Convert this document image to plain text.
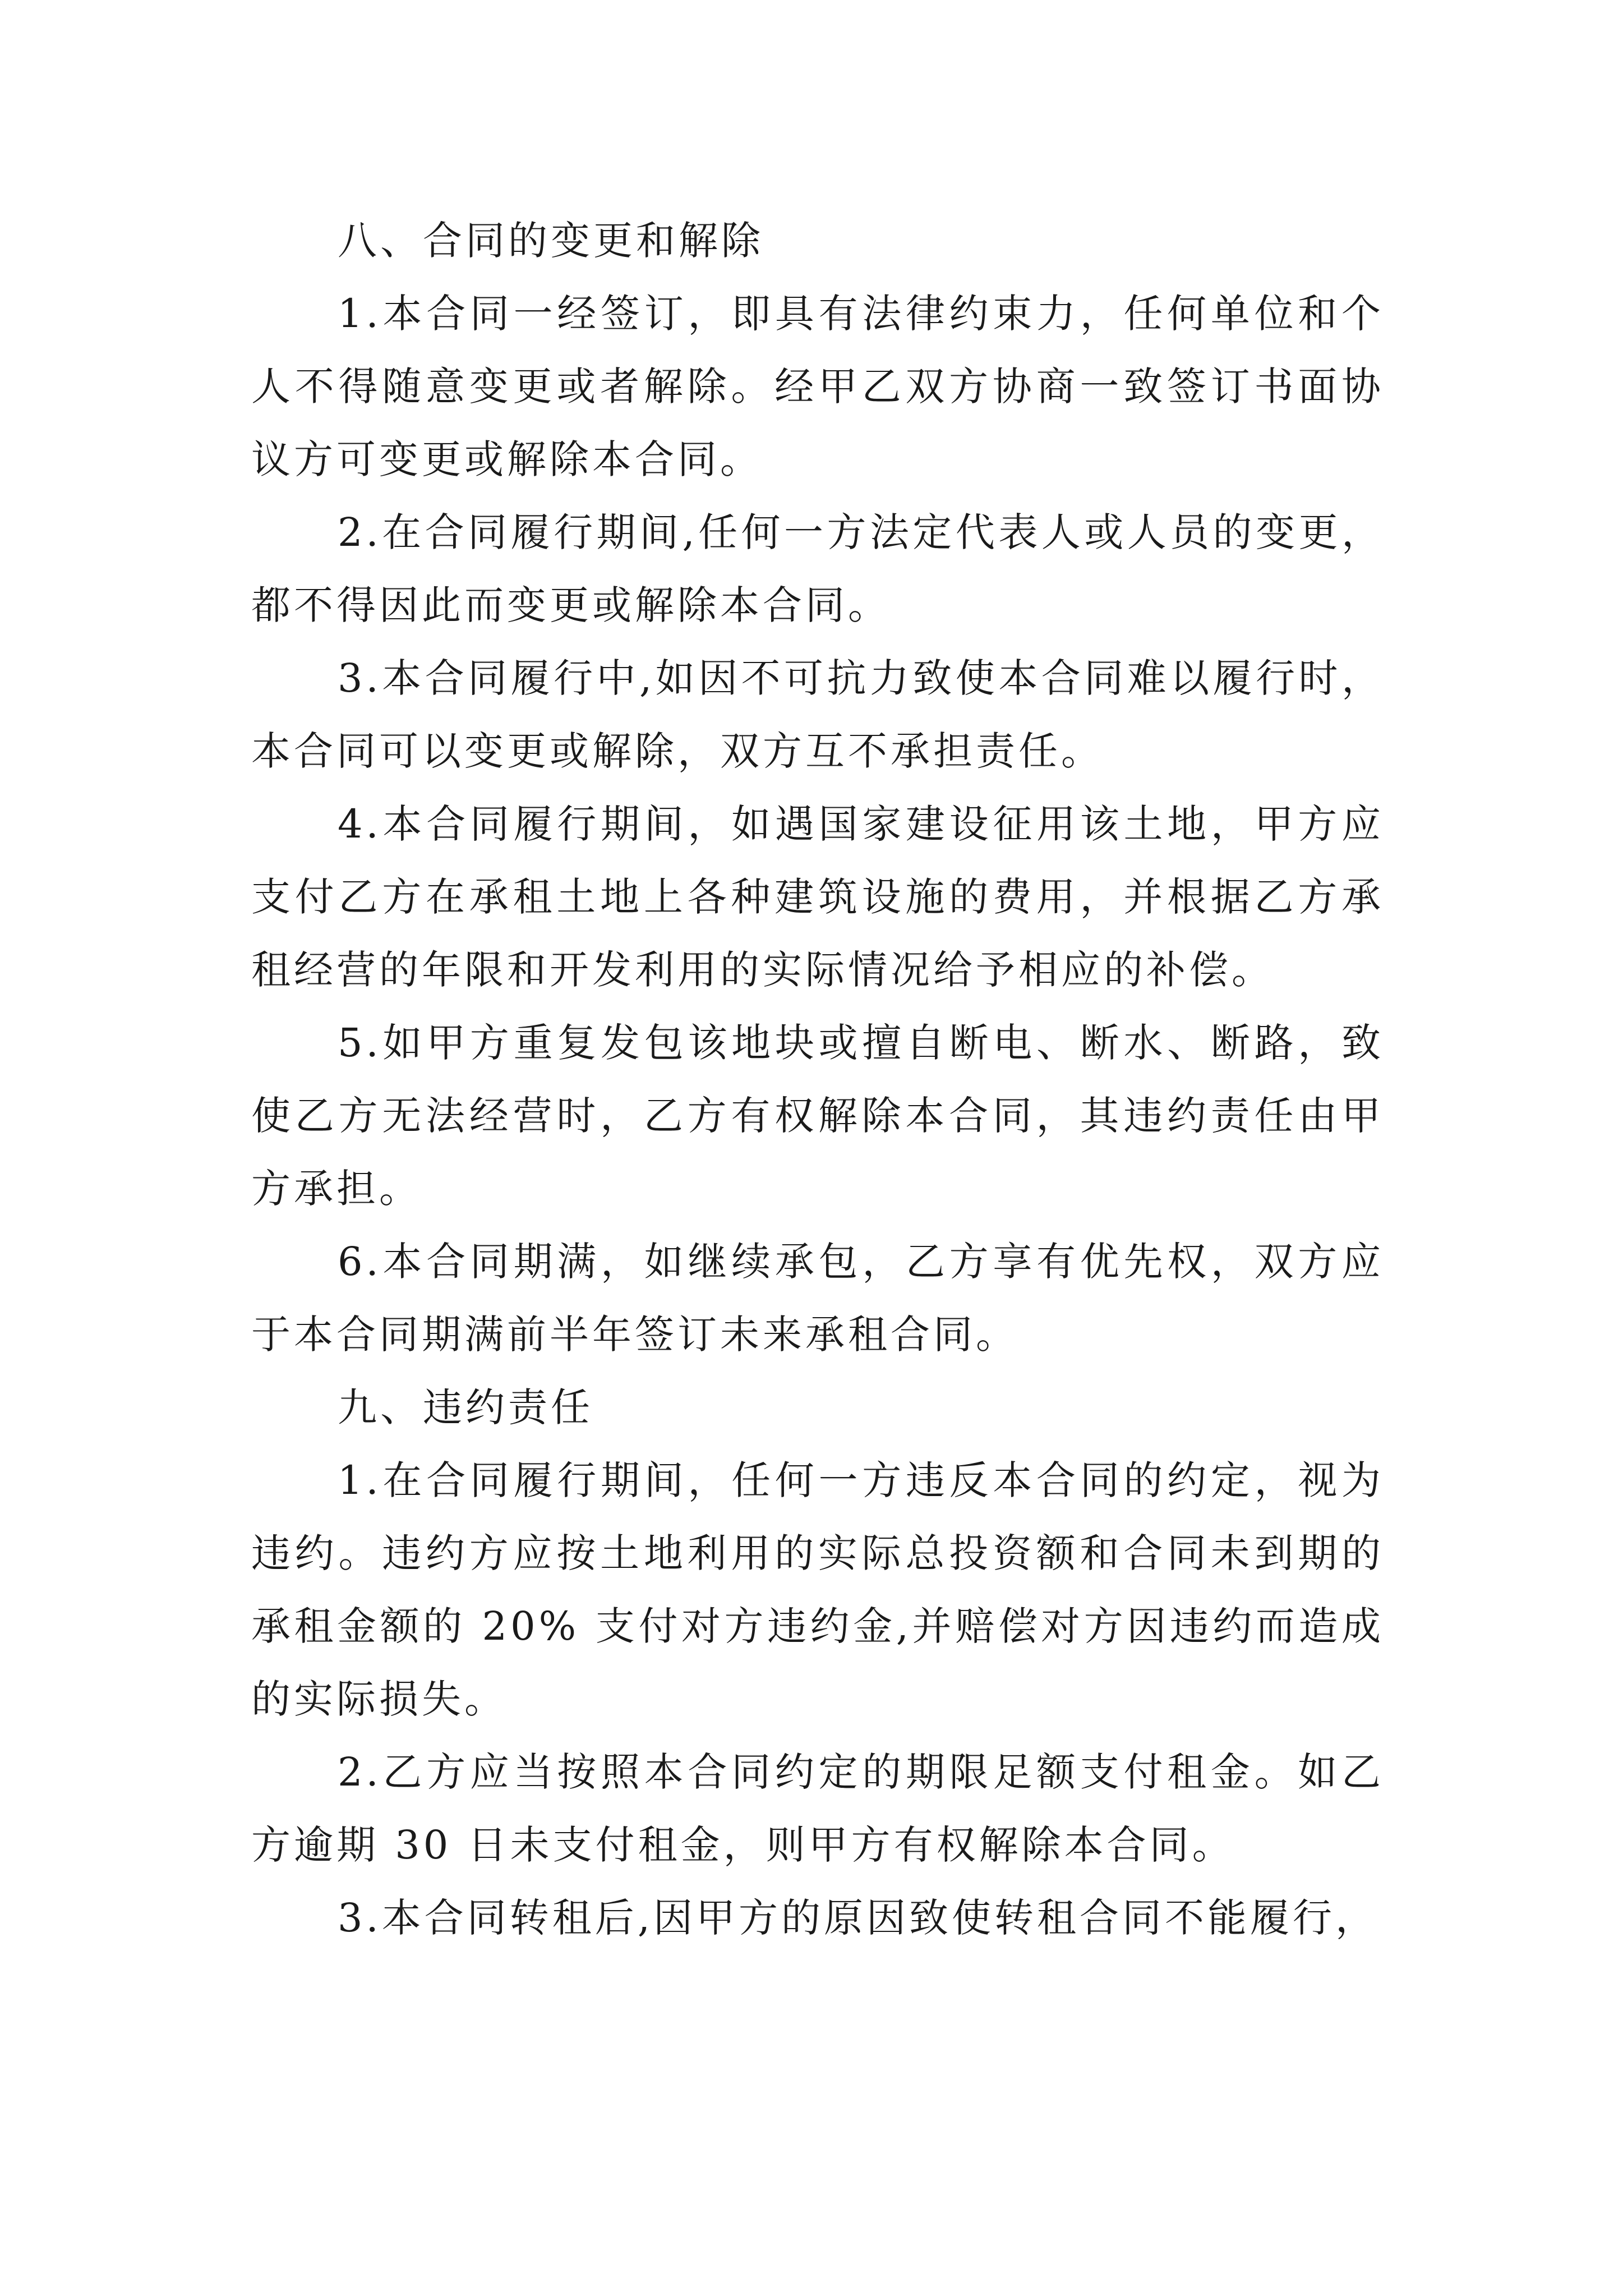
八、合同的变更和解除

1.本合同一经签订，即具有法律约束力，任何单位和个人不得随意变更或者解除。经甲乙双方协商一致签订书面协议方可变更或解除本合同。

2.在合同履行期间,任何一方法定代表人或人员的变更，都不得因此而变更或解除本合同。

3.本合同履行中,如因不可抗力致使本合同难以履行时，本合同可以变更或解除，双方互不承担责任。

4.本合同履行期间，如遇国家建设征用该土地，甲方应支付乙方在承租土地上各种建筑设施的费用，并根据乙方承租经营的年限和开发利用的实际情况给予相应的补偿。

5.如甲方重复发包该地块或擅自断电、断水、断路，致使乙方无法经营时，乙方有权解除本合同，其违约责任由甲方承担。

6.本合同期满，如继续承包，乙方享有优先权，双方应于本合同期满前半年签订未来承租合同。

九、违约责任

1.在合同履行期间，任何一方违反本合同的约定，视为违约。违约方应按土地利用的实际总投资额和合同未到期的承租金额的 20% 支付对方违约金,并赔偿对方因违约而造成的实际损失。

2.乙方应当按照本合同约定的期限足额支付租金。如乙方逾期 30 日未支付租金，则甲方有权解除本合同。

3.本合同转租后,因甲方的原因致使转租合同不能履行，
